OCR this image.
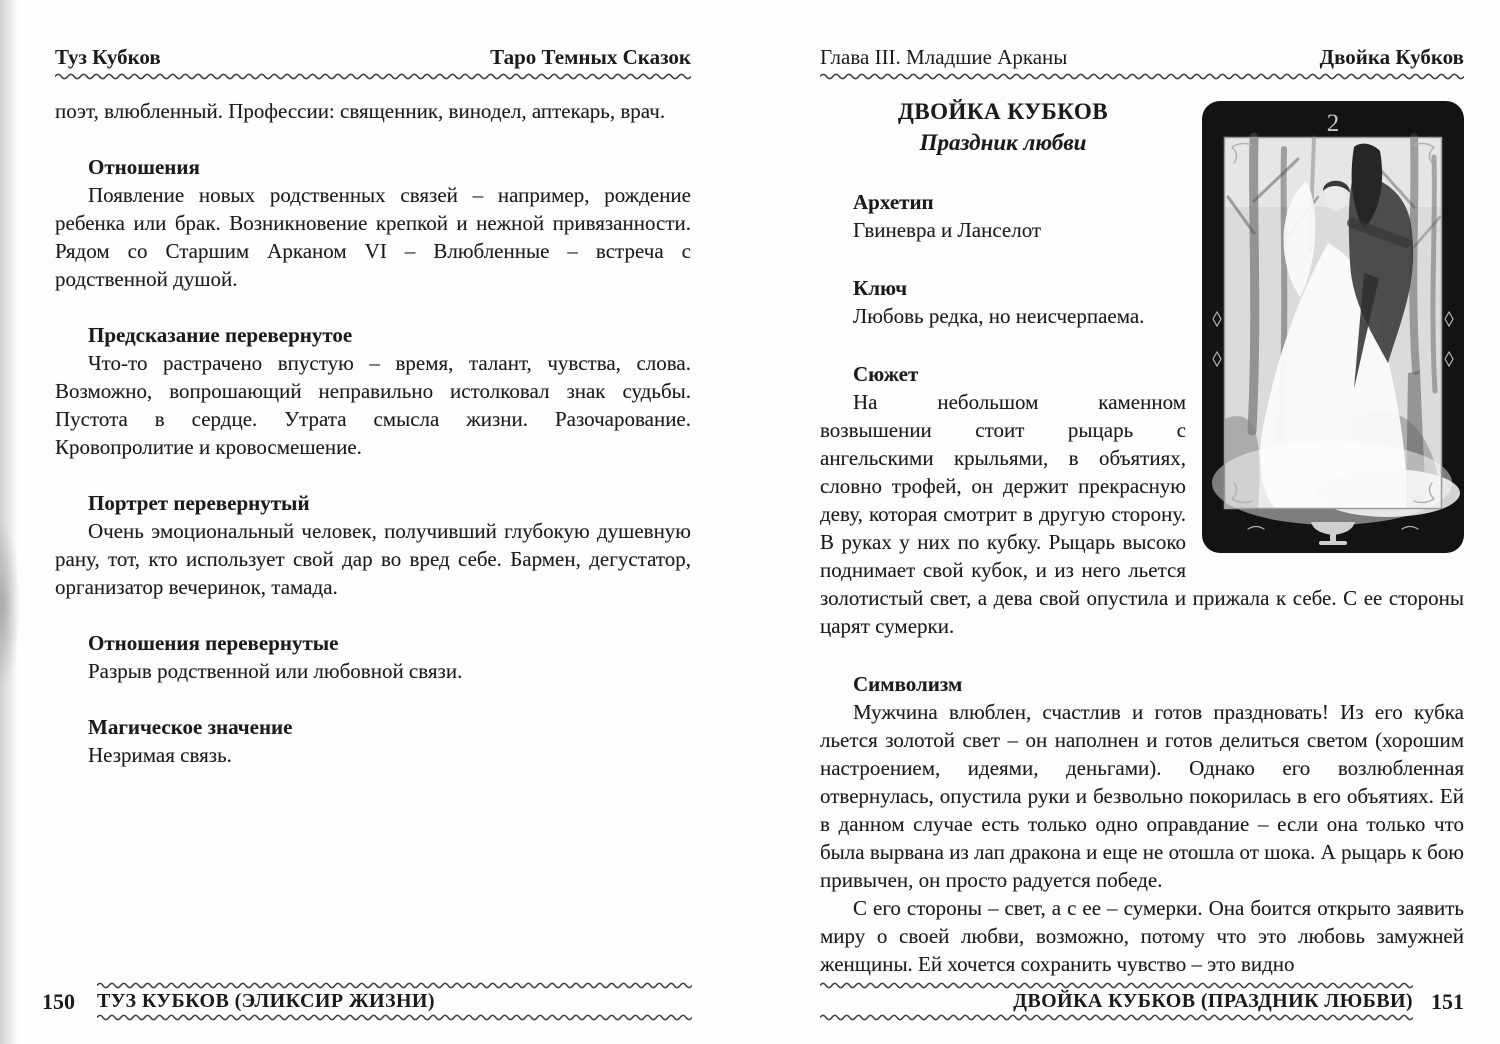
Туз Кубков	Таро Темных Сказок

поэт, влюбленный. Профессии: священник, винодел, аптекарь, врач.

Отношения

Появление новых родственных связей – например, рождение ребенка или брак. Возникновение крепкой и нежной привязанности. Рядом со Старшим Арканом VI – Влюбленные – встреча с родственной душой.

Предсказание перевернутое

Что-то растрачено впустую – время, талант, чувства, слова. Возможно, вопрошающий неправильно истолковал знак судьбы. Пустота в сердце. Утрата смысла жизни. Разочарование. Кровопролитие и кровосмешение.

Портрет перевернутый

Очень эмоциональный человек, получивший глубокую душевную рану, тот, кто использует свой дар во вред себе. Бармен, дегустатор, организатор вечеринок, тамада.

Отношения перевернутые

Разрыв родственной или любовной связи.

Магическое значение

Незримая связь.

Глава III. Младшие Арканы	Двойка Кубков
2
ДВОЙКА КУБКОВ
Праздник любви
Архетип

Гвиневра и Ланселот

Ключ

Любовь редка, но неисчерпаема.

Сюжет

На небольшом каменном возвышении стоит рыцарь с ангельскими крыльями, в объятиях, словно трофей, он держит прекрасную деву, которая смотрит в другую сторону. В руках у них по кубку. Рыцарь высоко поднимает свой кубок, и из него льется золотистый свет, а дева свой опустила и прижала к себе. С ее стороны царят сумерки.

Символизм

Мужчина влюблен, счастлив и готов праздновать! Из его кубка льется золотой свет – он наполнен и готов делиться светом (хорошим настроением, идеями, деньгами). Однако его возлюбленная отвернулась, опустила руки и безвольно покорилась в его объятиях. Ей в данном случае есть только одно оправдание – если она только что была вырвана из лап дракона и еще не отошла от шока. А рыцарь к бою привычен, он просто радуется победе.

С его стороны – свет, а с ее – сумерки. Она боится открыто заявить миру о своей любви, возможно, потому что это любовь замужней женщины. Ей хочется сохранить чувство – это видно

150 ТУЗ КУБКОВ (ЭЛИКСИР ЖИЗНИ)	ДВОЙКА КУБКОВ (ПРАЗДНИК ЛЮБВИ) 151
